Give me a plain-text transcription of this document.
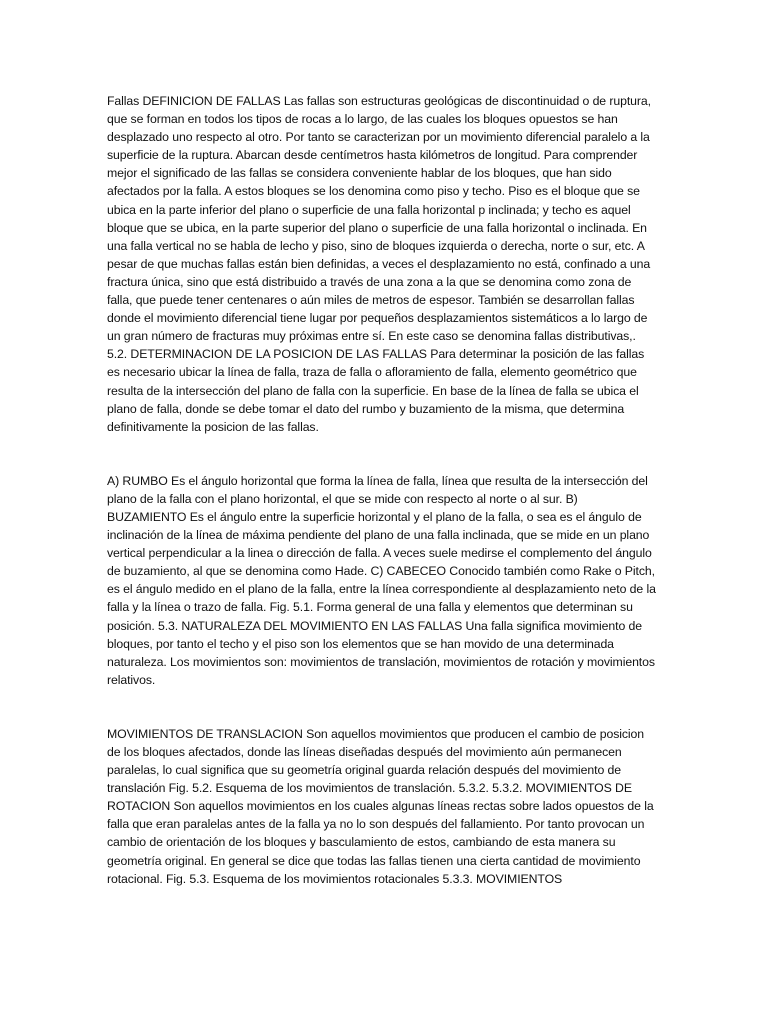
Fallas DEFINICION DE FALLAS Las fallas son estructuras geológicas de discontinuidad o de ruptura, que se forman en todos los tipos de rocas a lo largo, de las cuales los bloques opuestos se han desplazado uno respecto al otro. Por tanto se caracterizan por un movimiento diferencial paralelo a la superficie de la ruptura. Abarcan desde centímetros hasta kilómetros de longitud. Para comprender mejor el significado de las fallas se considera conveniente hablar de los bloques, que han sido afectados por la falla. A estos bloques se los denomina como piso y techo. Piso es el bloque que se ubica en la parte inferior del plano o superficie de una falla horizontal p inclinada; y techo es aquel bloque que se ubica, en la parte superior del plano o superficie de una falla horizontal o inclinada. En una falla vertical no se habla de lecho y piso, sino de bloques izquierda o derecha, norte o sur, etc. A pesar de que muchas fallas están bien definidas, a veces el desplazamiento no está, confinado a una fractura única, sino que está distribuido a través de una zona a la que se denomina como zona de falla, que puede tener centenares o aún miles de metros de espesor. También se desarrollan fallas donde el movimiento diferencial tiene lugar por pequeños desplazamientos sistemáticos a lo largo de un gran número de fracturas muy próximas entre sí. En este caso se denomina fallas distributivas,. 5.2. DETERMINACION DE LA POSICION DE LAS FALLAS Para determinar la posición de las fallas es necesario ubicar la línea de falla, traza de falla o afloramiento de falla, elemento geométrico que resulta de la intersección del plano de falla con la superficie. En base de la línea de falla se ubica el plano de falla, donde se debe tomar el dato del rumbo y buzamiento de la misma, que determina definitivamente la posicion de las fallas.

A) RUMBO Es el ángulo horizontal que forma la línea de falla, línea que resulta de la intersección del plano de la falla con el plano horizontal, el que se mide con respecto al norte o al sur. B) BUZAMIENTO Es el ángulo entre la superficie horizontal y el plano de la falla, o sea es el ángulo de inclinación de la línea de máxima pendiente del plano de una falla inclinada, que se mide en un plano vertical perpendicular a la linea o dirección de falla. A veces suele medirse el complemento del ángulo de buzamiento, al que se denomina como Hade. C) CABECEO Conocido también como Rake o Pitch, es el ángulo medido en el plano de la falla, entre la línea correspondiente al desplazamiento neto de la falla y la línea o trazo de falla. Fig. 5.1. Forma general de una falla y elementos que determinan su posición. 5.3. NATURALEZA DEL MOVIMIENTO EN LAS FALLAS Una falla significa movimiento de bloques, por tanto el techo y el piso son los elementos que se han movido de una determinada naturaleza. Los movimientos son: movimientos de translación, movimientos de rotación y movimientos relativos.

MOVIMIENTOS DE TRANSLACION Son aquellos movimientos que producen el cambio de posicion de los bloques afectados, donde las líneas diseñadas después del movimiento aún permanecen paralelas, lo cual significa que su geometría original guarda relación después del movimiento de translación Fig. 5.2. Esquema de los movimientos de translación. 5.3.2. 5.3.2. MOVIMIENTOS DE ROTACION Son aquellos movimientos en los cuales algunas líneas rectas sobre lados opuestos de la falla que eran paralelas antes de la falla ya no lo son después del fallamiento. Por tanto provocan un cambio de orientación de los bloques y basculamiento de estos, cambiando de esta manera su geometría original. En general se dice que todas las fallas tienen una cierta cantidad de movimiento rotacional. Fig. 5.3. Esquema de los movimientos rotacionales 5.3.3. MOVIMIENTOS
